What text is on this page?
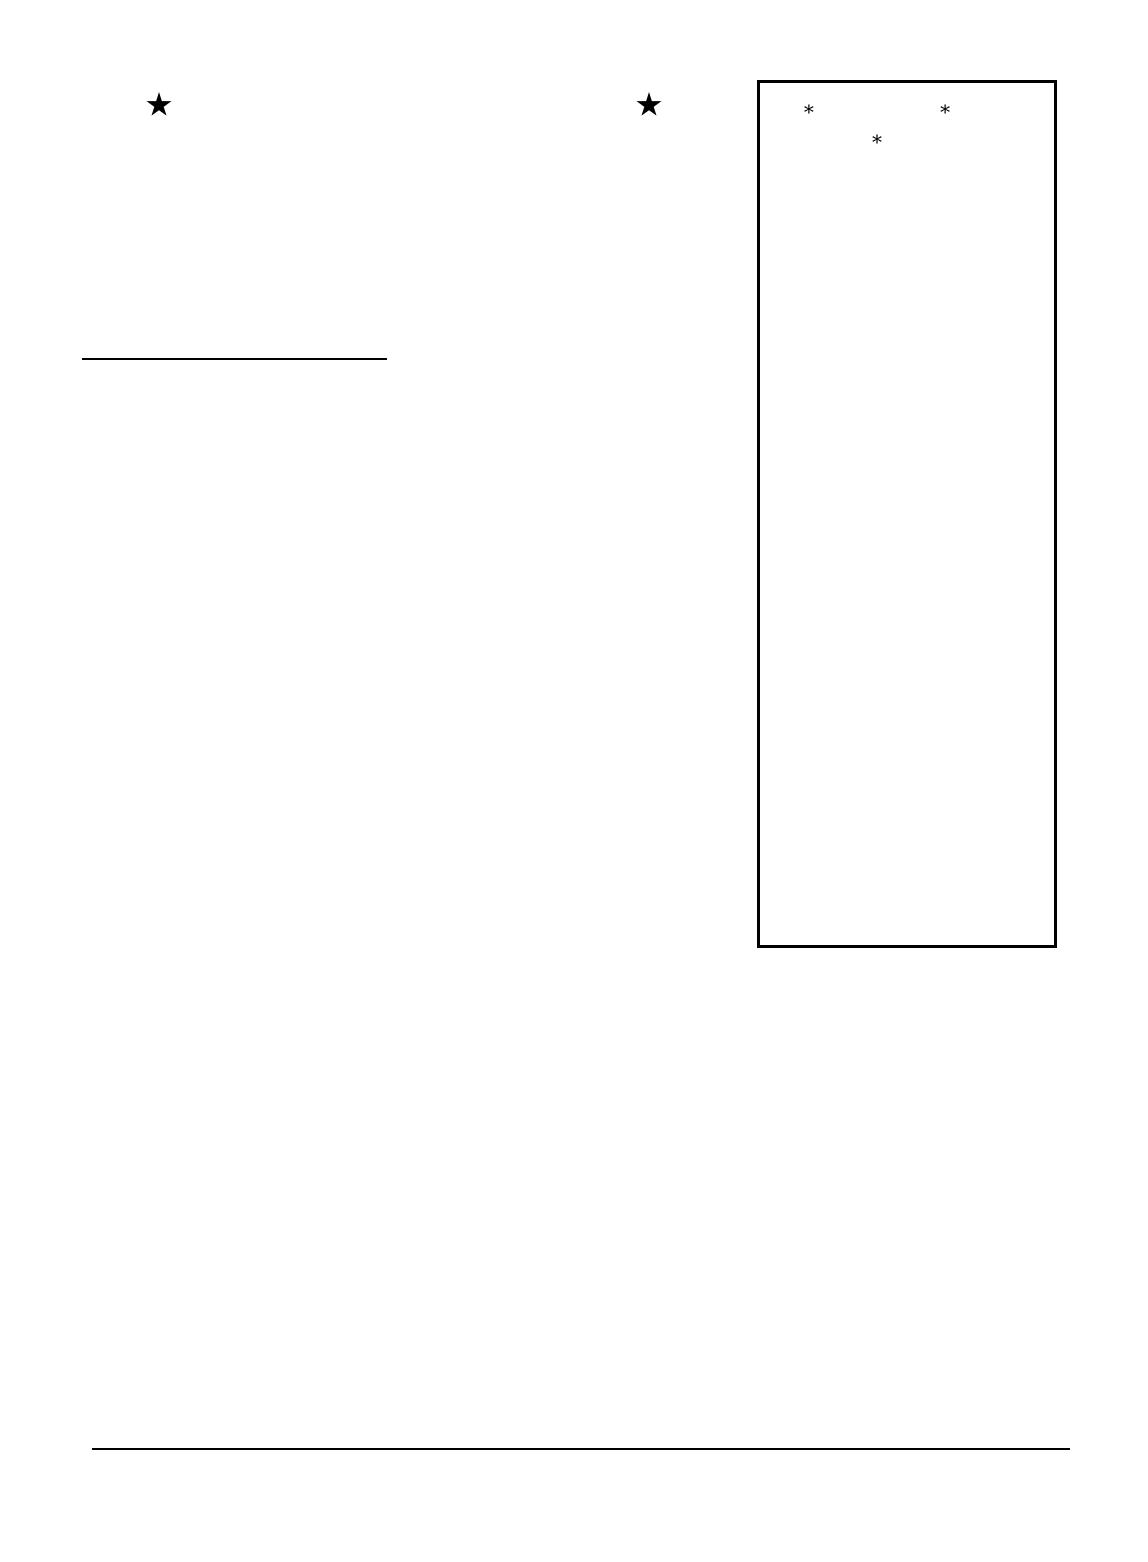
* * *
